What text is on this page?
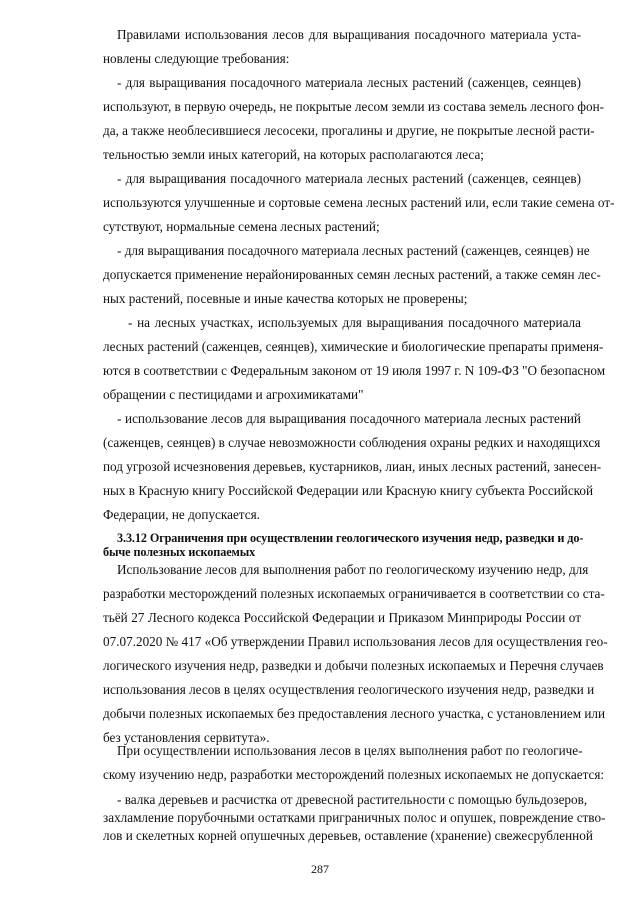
Правилами использования лесов для выращивания посадочного материала уста-
новлены следующие требования:
- для выращивания посадочного материала лесных растений (саженцев, сеянцев)
используют, в первую очередь, не покрытые лесом земли из состава земель лесного фон-
да, а также необлесившиеся лесосеки, прогалины и другие, не покрытые лесной расти-
тельностью земли иных категорий, на которых располагаются леса;
- для выращивания посадочного материала лесных растений (саженцев, сеянцев)
используются улучшенные и сортовые семена лесных растений или, если такие семена от-
сутствуют, нормальные семена лесных растений;
- для выращивания посадочного материала лесных растений (саженцев, сеянцев) не
допускается применение нерайонированных семян лесных растений, а также семян лес-
ных растений, посевные и иные качества которых не проверены;
- на лесных участках, используемых для выращивания посадочного материала
лесных растений (саженцев, сеянцев), химические и биологические препараты применя-
ются в соответствии с Федеральным законом от 19 июля 1997 г. N 109-ФЗ "О безопасном
обращении с пестицидами и агрохимикатами"
- использование лесов для выращивания посадочного материала лесных растений
(саженцев, сеянцев) в случае невозможности соблюдения охраны редких и находящихся
под угрозой исчезновения деревьев, кустарников, лиан, иных лесных растений, занесен-
ных в Красную книгу Российской Федерации или Красную книгу субъекта Российской
Федерации, не допускается.
3.3.12 Ограничения при осуществлении геологического изучения недр, разведки и до-
быче полезных ископаемых
Использование лесов для выполнения работ по геологическому изучению недр, для
разработки месторождений полезных ископаемых ограничивается в соответствии со ста-
тьёй 27 Лесного кодекса Российской Федерации и Приказом Минприроды России от
07.07.2020 № 417 «Об утверждении Правил использования лесов для осуществления гео-
логического изучения недр, разведки и добычи полезных ископаемых и Перечня случаев
использования лесов в целях осуществления геологического изучения недр, разведки и
добычи полезных ископаемых без предоставления лесного участка, с установлением или
без установления сервитута».
При осуществлении использования лесов в целях выполнения работ по геологиче-
скому изучению недр, разработки месторождений полезных ископаемых не допускается:
- валка деревьев и расчистка от древесной растительности с помощью бульдозеров,
захламление порубочными остатками приграничных полос и опушек, повреждение ство-
лов и скелетных корней опушечных деревьев, оставление (хранение) свежесрубленной
287
